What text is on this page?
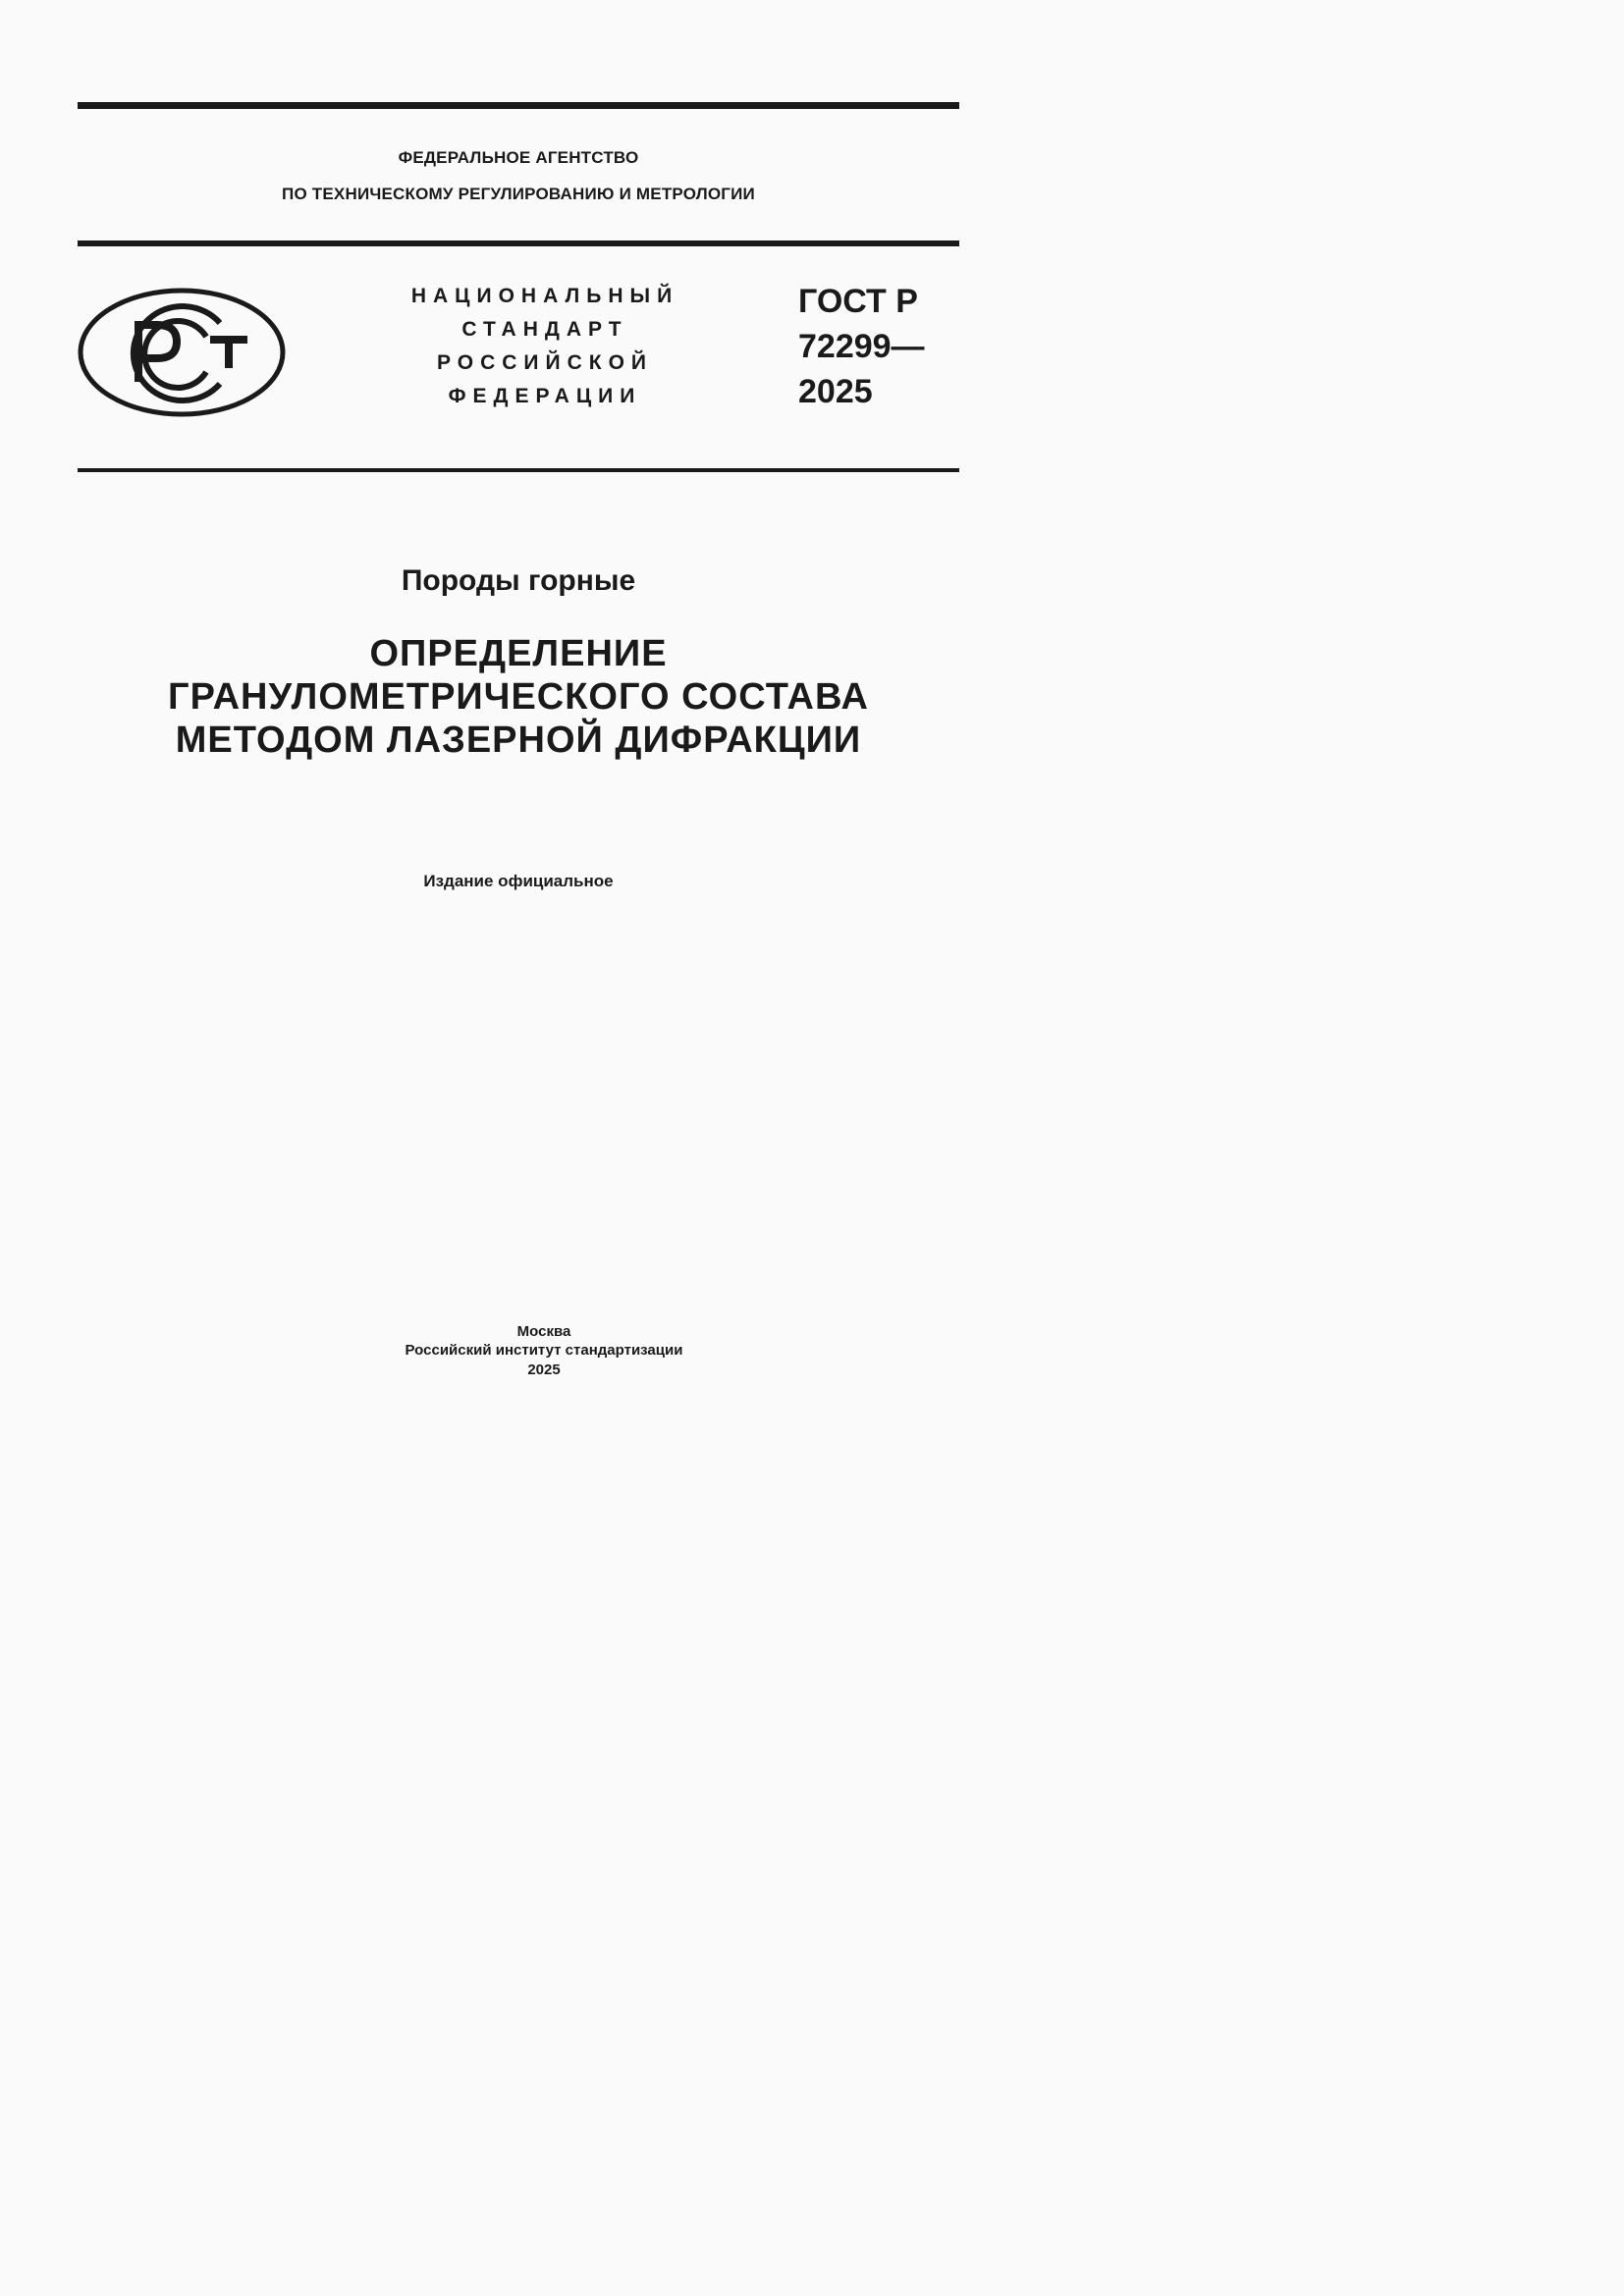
ФЕДЕРАЛЬНОЕ АГЕНТСТВО
ПО ТЕХНИЧЕСКОМУ РЕГУЛИРОВАНИЮ И МЕТРОЛОГИИ
НАЦИОНАЛЬНЫЙ
СТАНДАРТ
РОССИЙСКОЙ
ФЕДЕРАЦИИ
ГОСТ Р
72299—
2025
Породы горные
ОПРЕДЕЛЕНИЕ
ГРАНУЛОМЕТРИЧЕСКОГО СОСТАВА
МЕТОДОМ ЛАЗЕРНОЙ ДИФРАКЦИИ
Издание официальное
Москва
Российский институт стандартизации
2025
